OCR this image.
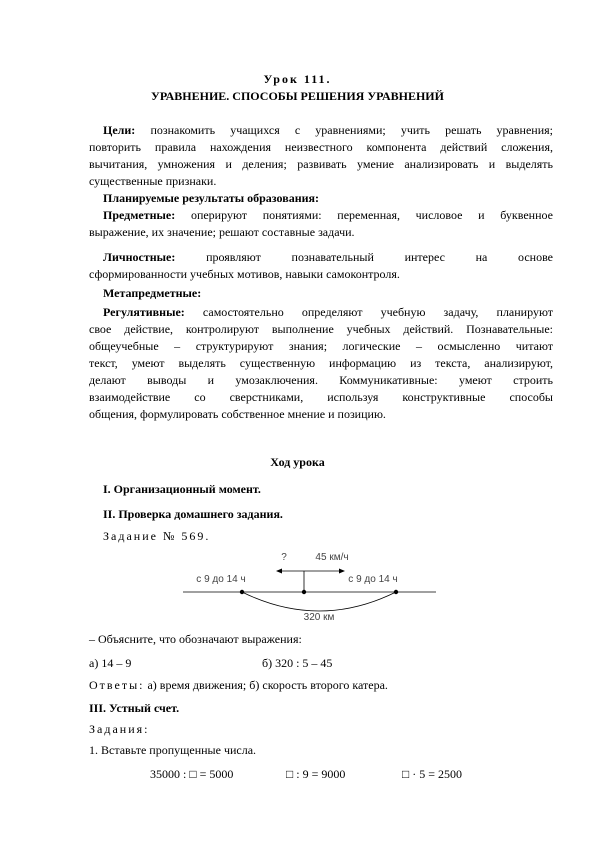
Урок 111.
УРАВНЕНИЕ. СПОСОБЫ РЕШЕНИЯ УРАВНЕНИЙ
Цели: познакомить учащихся с уравнениями; учить решать уравнения;
повторить правила нахождения неизвестного компонента действий сложения,
вычитания, умножения и деления; развивать умение анализировать и выделять
существенные признаки.
Планируемые результаты образования:
Предметные: оперируют понятиями: переменная, числовое и буквенное
выражение, их значение; решают составные задачи.
Личностные:	проявляют познавательный интерес на основе
сформированности учебных мотивов, навыки самоконтроля.
Метапредметные:
Регулятивные: самостоятельно определяют учебную задачу, планируют
свое действие, контролируют выполнение учебных действий. Познавательные:
общеучебные – структурируют знания; логические – осмысленно читают
текст, умеют выделять существенную информацию из текста, анализируют,
делают выводы и умозаключения. Коммуникативные: умеют строить
взаимодействие со сверстниками, используя конструктивные способы
общения, формулировать собственное мнение и позицию.
Ход урока
I. Организационный момент.
II. Проверка домашнего задания.
Задание № 569.
?	45 км/ч
с 9 до 14 ч	с 9 до 14 ч
320 км
– Объясните, что обозначают выражения:
а) 14 – 9	б) 320 : 5 – 45
Ответы: а) время движения; б) скорость второго катера.
III. Устный счет.
Задания:
1. Вставьте пропущенные числа.
35000 : □ = 5000	□ : 9 = 9000	□ · 5 = 2500
